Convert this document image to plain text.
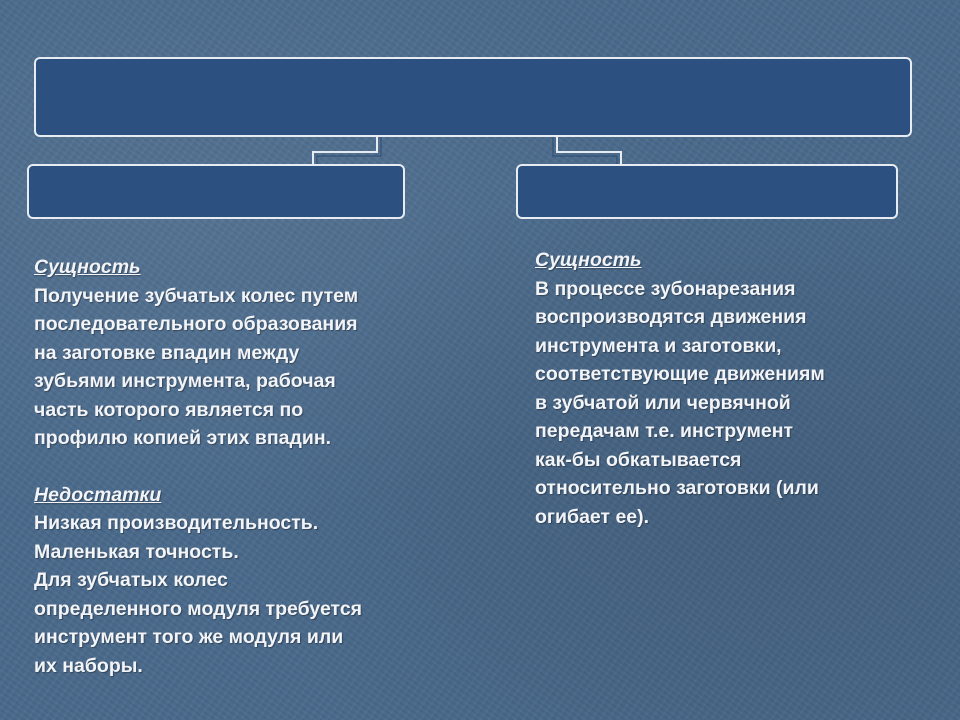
Сущность
Получение зубчатых колес путем
последовательного образования
на заготовке впадин между
зубьями инструмента, рабочая
часть которого является по
профилю копией этих впадин.
Недостатки
Низкая производительность.
Маленькая точность.
Для зубчатых колес
определенного модуля требуется
инструмент того же модуля или
их наборы.
Сущность
В процессе зубонарезания
воспроизводятся движения
инструмента и заготовки,
соответствующие движениям
в зубчатой или червячной
передачам т.е. инструмент
как-бы обкатывается
относительно заготовки (или
огибает ее).
